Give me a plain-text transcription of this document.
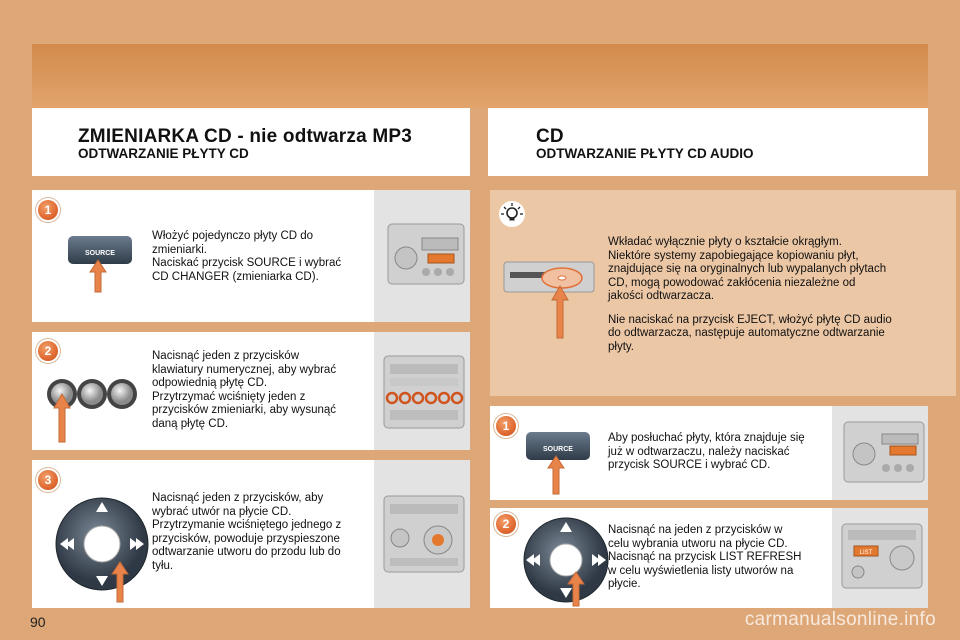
ZMIENIARKA CD - nie odtwarza MP3
ODTWARZANIE PŁYTY CD
CD
ODTWARZANIE PŁYTY CD AUDIO
SOURCE
Włożyć pojedynczo płyty CD do
zmieniarki.
Naciskać przycisk SOURCE i wybrać
CD CHANGER (zmieniarka CD).
1
Nacisnąć jeden z przycisków
klawiatury numerycznej, aby wybrać
odpowiednią płytę CD.
Przytrzymać wciśnięty jeden z
przycisków zmieniarki, aby wysunąć
daną płytę CD.
2
Nacisnąć jeden z przycisków, aby
wybrać utwór na płycie CD.
Przytrzymanie wciśniętego jednego z
przycisków, powoduje przyspieszone
odtwarzanie utworu do przodu lub do
tyłu.
3
Wkładać wyłącznie płyty o kształcie okrągłym.
Niektóre systemy zapobiegające kopiowaniu płyt,
znajdujące się na oryginalnych lub wypalanych płytach
CD, mogą powodować zakłócenia niezależne od
jakości odtwarzacza.
Nie naciskać na przycisk EJECT, włożyć płytę CD audio
do odtwarzacza, następuje automatyczne odtwarzanie
płyty.
SOURCE
Aby posłuchać płyty, która znajduje się
już w odtwarzaczu, należy naciskać
przycisk SOURCE i wybrać CD.
1
LIST
Nacisnąć na jeden z przycisków w
celu wybrania utworu na płycie CD.
Nacisnąć na przycisk LIST REFRESH
w celu wyświetlenia listy utworów na
płycie.
2
90	carmanualsonline.info
